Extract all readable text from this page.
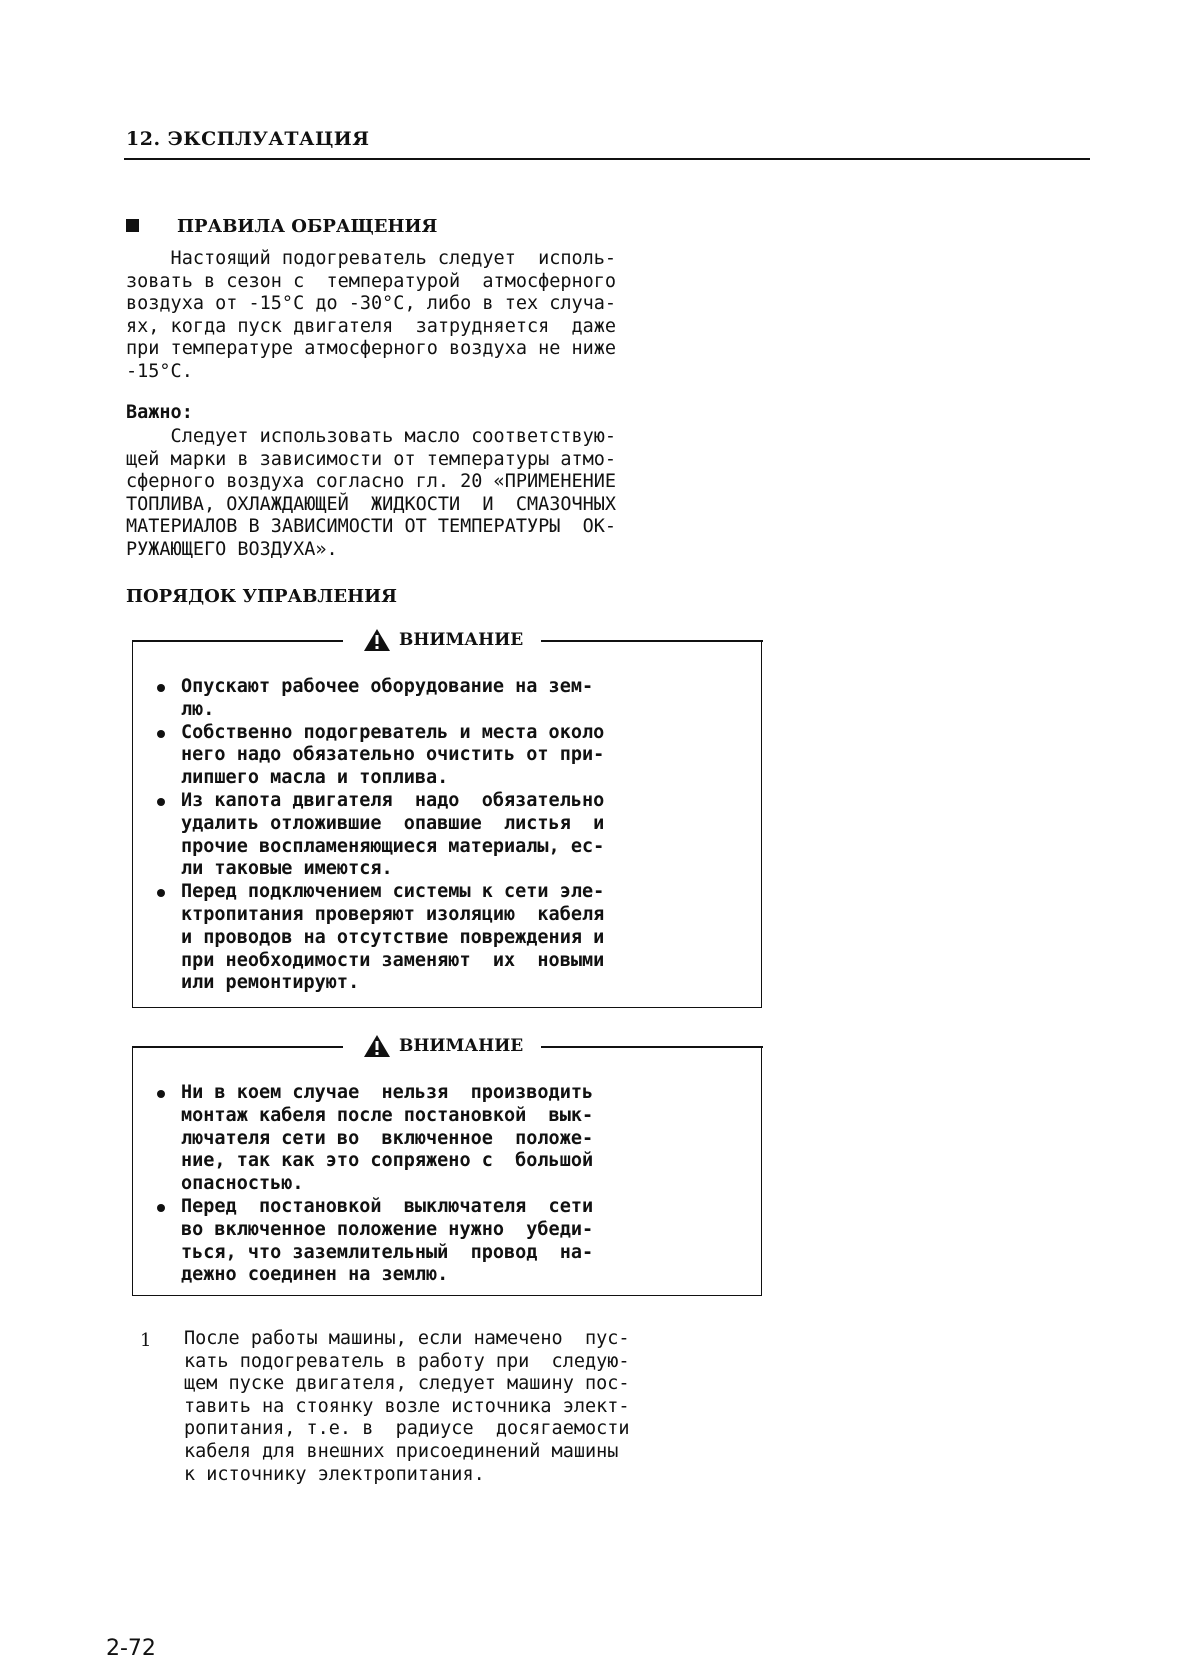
12. ЭКСПЛУАТАЦИЯ
ПРАВИЛА ОБРАЩЕНИЯ
Настоящий подогреватель следует  исполь-
зовать в сезон с  температурой  атмосферного
воздуха от -15°С до -30°С, либо в тех случа-
ях, когда пуск двигателя  затрудняется  даже
при температуре атмосферного воздуха не ниже
-15°С.
Важно:
Следует использовать масло соответствую-
щей марки в зависимости от температуры атмо-
сферного воздуха согласно гл. 20 «ПРИМЕНЕНИЕ
ТОПЛИВА, ОХЛАЖДАЮЩЕЙ  ЖИДКОСТИ  И  СМАЗОЧНЫХ
МАТЕРИАЛОВ В ЗАВИСИМОСТИ ОТ ТЕМПЕРАТУРЫ  ОК-
РУЖАЮЩЕГО ВОЗДУХА».
ПОРЯДОК УПРАВЛЕНИЯ
ВНИМАНИЕ
Опускают рабочее оборудование на зем-
лю.
Собственно подогреватель и места около
него надо обязательно очистить от при-
липшего масла и топлива.
Из капота двигателя  надо  обязательно
удалить отложившие  опавшие  листья  и
прочие воспламеняющиеся материалы, ес-
ли таковые имеются.
Перед подключением системы к сети эле-
ктропитания проверяют изоляцию  кабеля
и проводов на отсутствие повреждения и
при необходимости заменяют  их  новыми
или ремонтируют.
ВНИМАНИЕ
Ни в коем случае  нельзя  производить
монтаж кабеля после постановкой  вык-
лючателя сети во  включенное  положе-
ние, так как это сопряжено с  большой
опасностью.
Перед  постановкой  выключателя  сети
во включенное положение нужно  убеди-
ться, что заземлительный  провод  на-
дежно соединен на землю.
1 После работы машины, если намечено  пус-
кать подогреватель в работу при  следую-
щем пуске двигателя, следует машину пос-
тавить на стоянку возле источника элект-
ропитания, т.е. в  радиусе  досягаемости
кабеля для внешних присоединений машины
к источнику электропитания.
2-72
